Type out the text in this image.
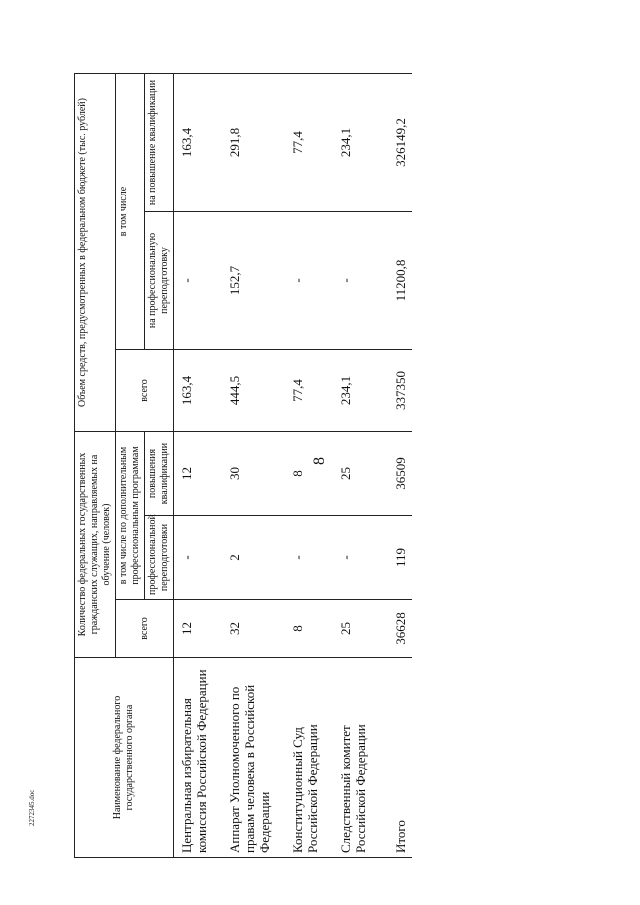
8
2272345.doc	Наименование федерального государственного органа	Количество федеральных государственных гражданских служащих, направляемых на обучение (человек)			Объем средств, предусмотренных в федеральном бюджете (тыс. рублей)		
	всего	в том числе по дополнительным профессиональным программам		всего	в том числе	
		профессиональной переподготовки	повышения квалификации		на профессиональную переподготовку	на повышение квалификации
Центральная избирательная комиссия Российской Федерации	12	-	12	163,4	-	163,4
Аппарат Уполномоченного по правам человека в Российской Федерации	32	2	30	444,5	152,7	291,8
Конституционный Суд Российской Федерации	8	-	8	77,4	-	77,4
Следственный комитет Российской Федерации	25	-	25	234,1	-	234,1
Итого	36628	119	36509	337350	11200,8	326149,2
